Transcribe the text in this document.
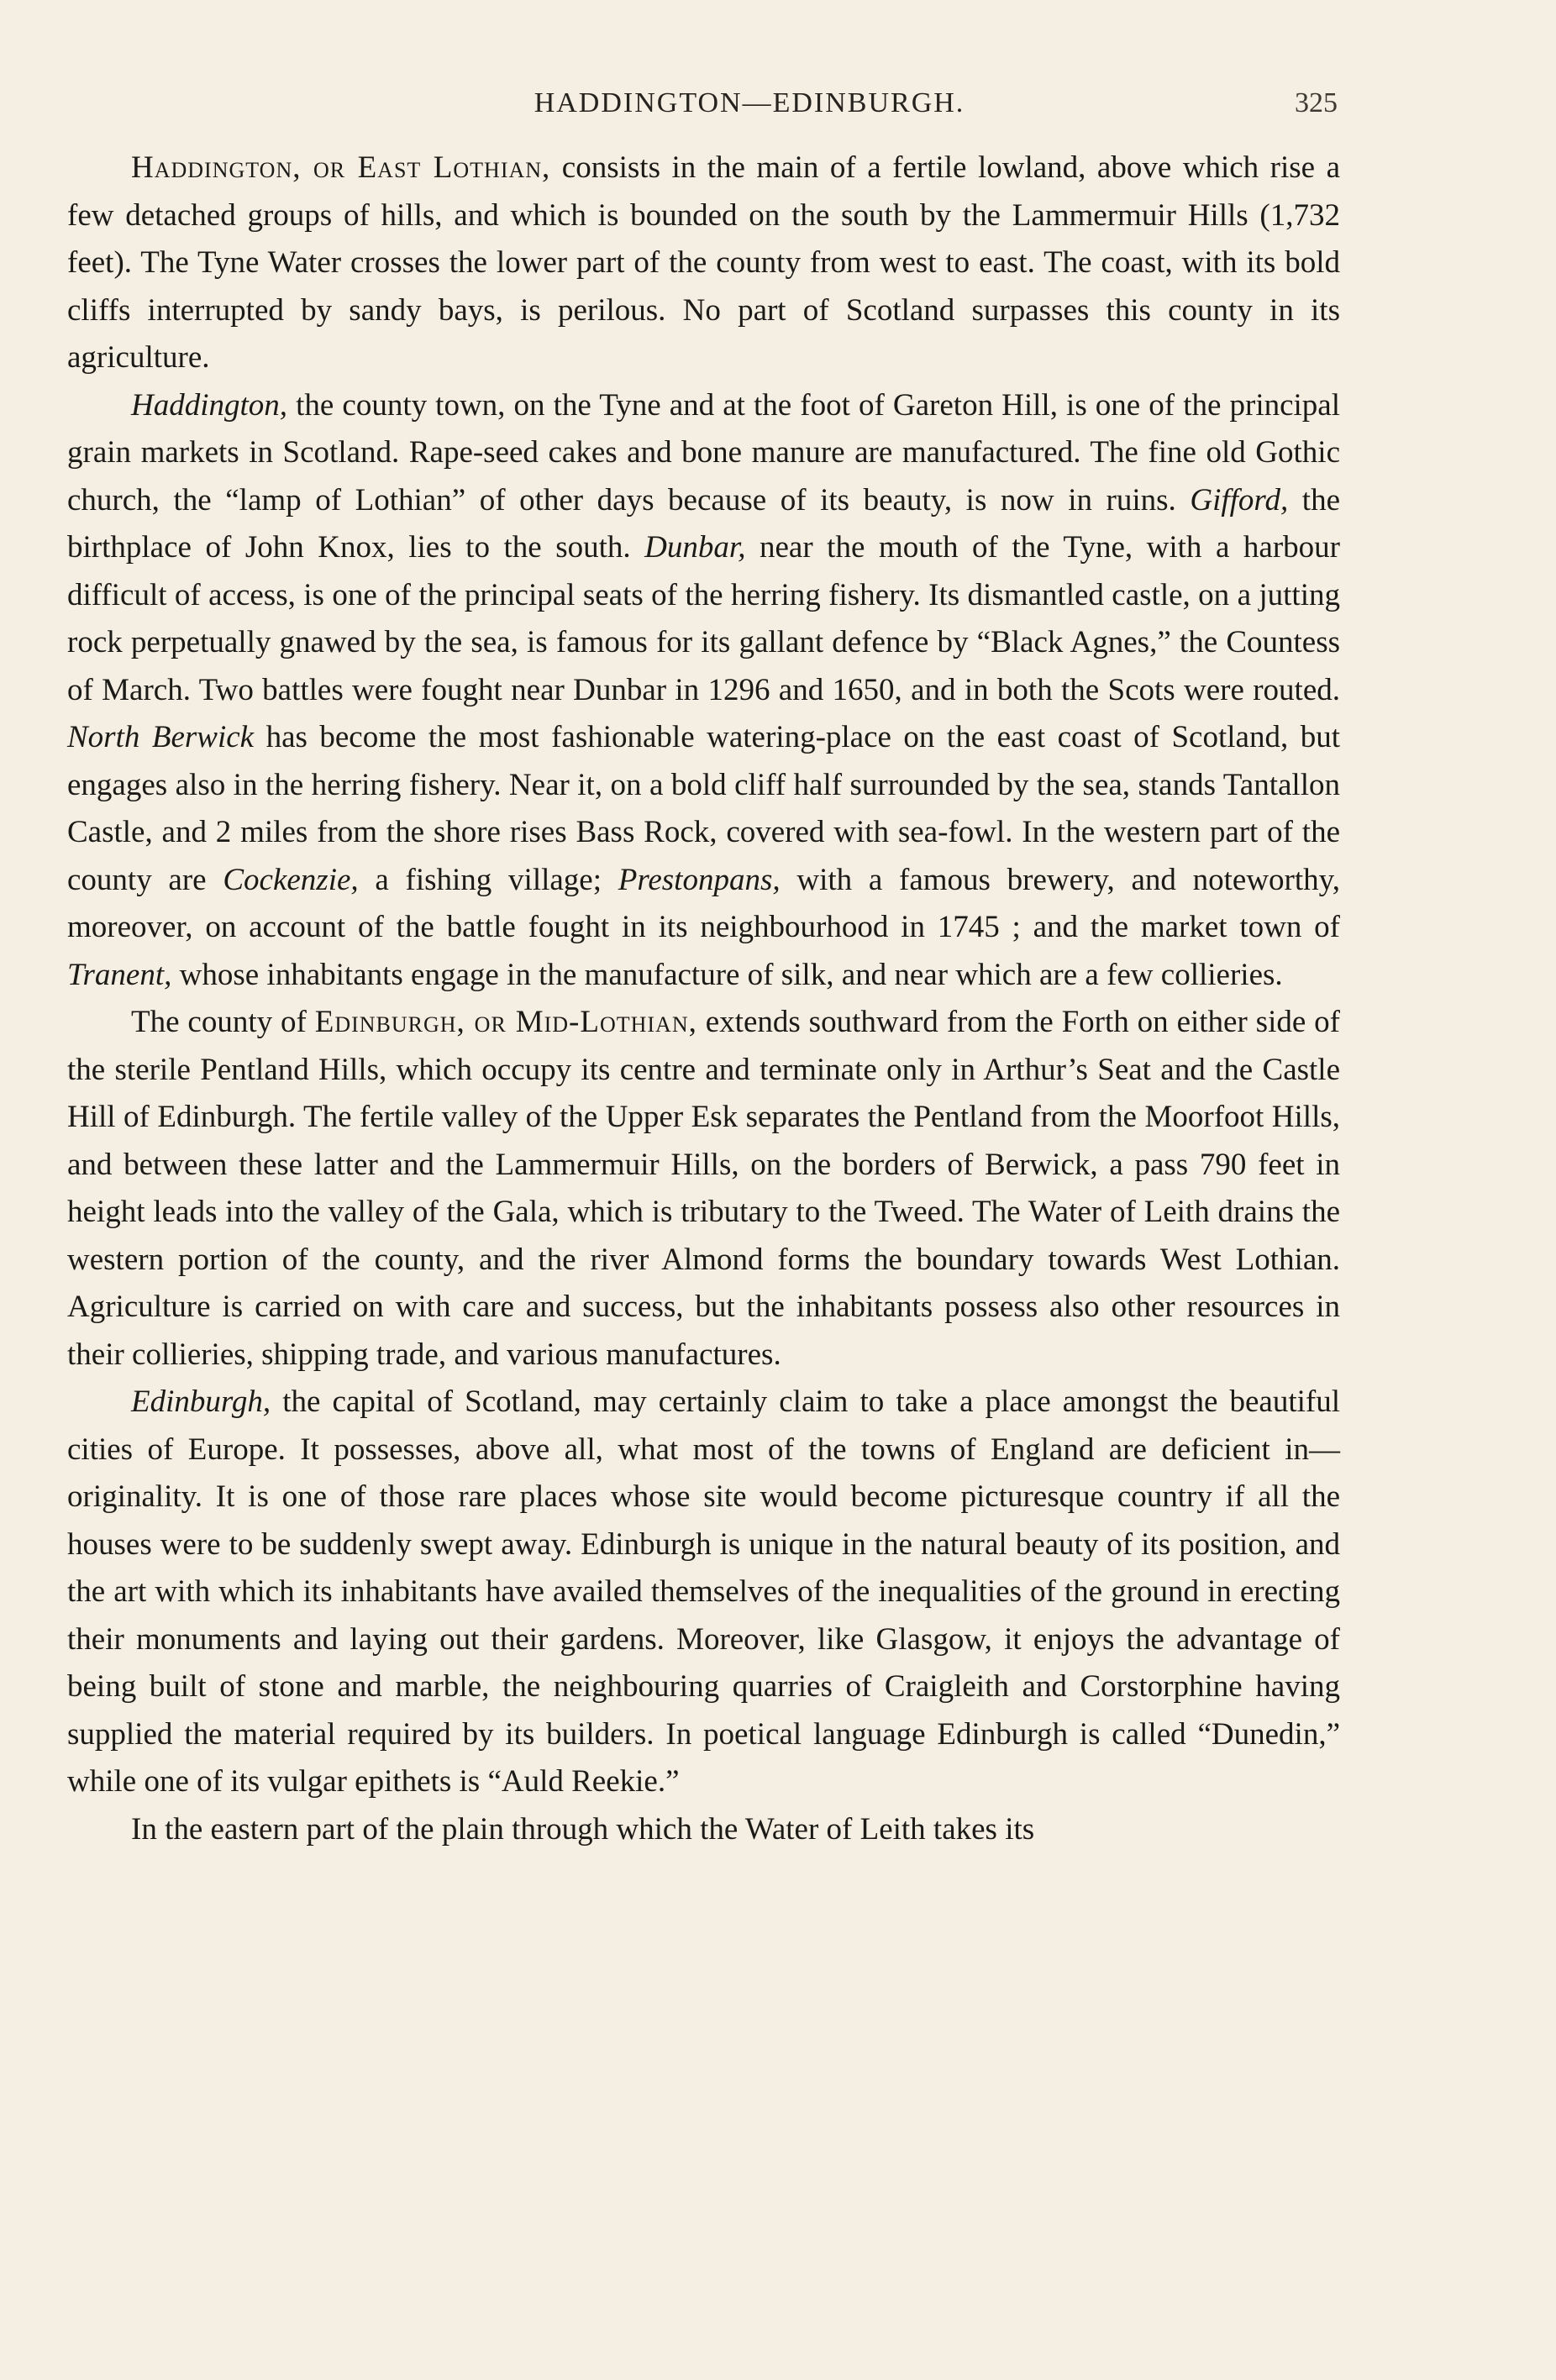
HADDINGTON—EDINBURGH.	325

Haddington, or East Lothian, consists in the main of a fertile lowland, above which rise a few detached groups of hills, and which is bounded on the south by the Lammermuir Hills (1,732 feet). The Tyne Water crosses the lower part of the county from west to east. The coast, with its bold cliffs interrupted by sandy bays, is perilous. No part of Scotland surpasses this county in its agriculture.

Haddington, the county town, on the Tyne and at the foot of Gareton Hill, is one of the principal grain markets in Scotland. Rape-seed cakes and bone manure are manufactured. The fine old Gothic church, the “lamp of Lothian” of other days because of its beauty, is now in ruins. Gifford, the birthplace of John Knox, lies to the south. Dunbar, near the mouth of the Tyne, with a harbour difficult of access, is one of the principal seats of the herring fishery. Its dismantled castle, on a jutting rock perpetually gnawed by the sea, is famous for its gallant defence by “Black Agnes,” the Countess of March. Two battles were fought near Dunbar in 1296 and 1650, and in both the Scots were routed. North Berwick has become the most fashionable watering-place on the east coast of Scotland, but engages also in the herring fishery. Near it, on a bold cliff half surrounded by the sea, stands Tantallon Castle, and 2 miles from the shore rises Bass Rock, covered with sea-fowl. In the western part of the county are Cockenzie, a fishing village; Prestonpans, with a famous brewery, and noteworthy, moreover, on account of the battle fought in its neighbourhood in 1745 ; and the market town of Tranent, whose inhabitants engage in the manufacture of silk, and near which are a few collieries.

The county of Edinburgh, or Mid-Lothian, extends southward from the Forth on either side of the sterile Pentland Hills, which occupy its centre and terminate only in Arthur’s Seat and the Castle Hill of Edinburgh. The fertile valley of the Upper Esk separates the Pentland from the Moorfoot Hills, and between these latter and the Lammermuir Hills, on the borders of Berwick, a pass 790 feet in height leads into the valley of the Gala, which is tributary to the Tweed. The Water of Leith drains the western portion of the county, and the river Almond forms the boundary towards West Lothian. Agriculture is carried on with care and success, but the inhabitants possess also other resources in their collieries, shipping trade, and various manufactures.

Edinburgh, the capital of Scotland, may certainly claim to take a place amongst the beautiful cities of Europe. It possesses, above all, what most of the towns of England are deficient in—originality. It is one of those rare places whose site would become picturesque country if all the houses were to be suddenly swept away. Edinburgh is unique in the natural beauty of its position, and the art with which its inhabitants have availed themselves of the inequalities of the ground in erecting their monuments and laying out their gardens. Moreover, like Glasgow, it enjoys the advantage of being built of stone and marble, the neighbouring quarries of Craigleith and Corstorphine having supplied the material required by its builders. In poetical language Edinburgh is called “Dunedin,” while one of its vulgar epithets is “Auld Reekie.”

In the eastern part of the plain through which the Water of Leith takes its
